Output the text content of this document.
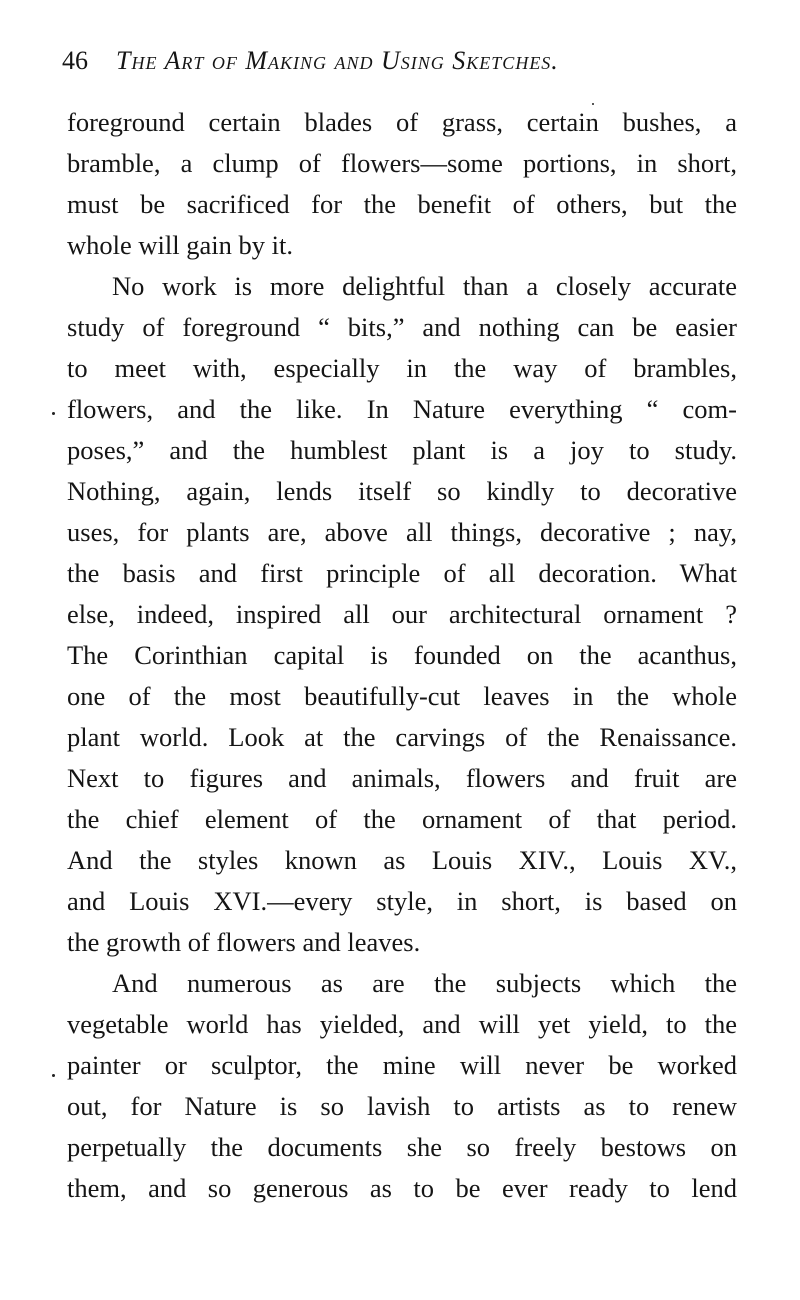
46 The Art of Making and Using Sketches.
foreground certain blades of grass, certain bushes, a
bramble, a clump of flowers—some portions, in short,
must be sacrificed for the benefit of others, but the
whole will gain by it.
No work is more delightful than a closely accurate
study of foreground “ bits,” and nothing can be easier
to meet with, especially in the way of brambles,
flowers, and the like. In Nature everything “ com-
poses,” and the humblest plant is a joy to study.
Nothing, again, lends itself so kindly to decorative
uses, for plants are, above all things, decorative ; nay,
the basis and first principle of all decoration. What
else, indeed, inspired all our architectural ornament ?
The Corinthian capital is founded on the acanthus,
one of the most beautifully-cut leaves in the whole
plant world. Look at the carvings of the Renaissance.
Next to figures and animals, flowers and fruit are
the chief element of the ornament of that period.
And the styles known as Louis XIV., Louis XV.,
and Louis XVI.—every style, in short, is based on
the growth of flowers and leaves.
And numerous as are the subjects which the
vegetable world has yielded, and will yet yield, to the
painter or sculptor, the mine will never be worked
out, for Nature is so lavish to artists as to renew
perpetually the documents she so freely bestows on
them, and so generous as to be ever ready to lend
